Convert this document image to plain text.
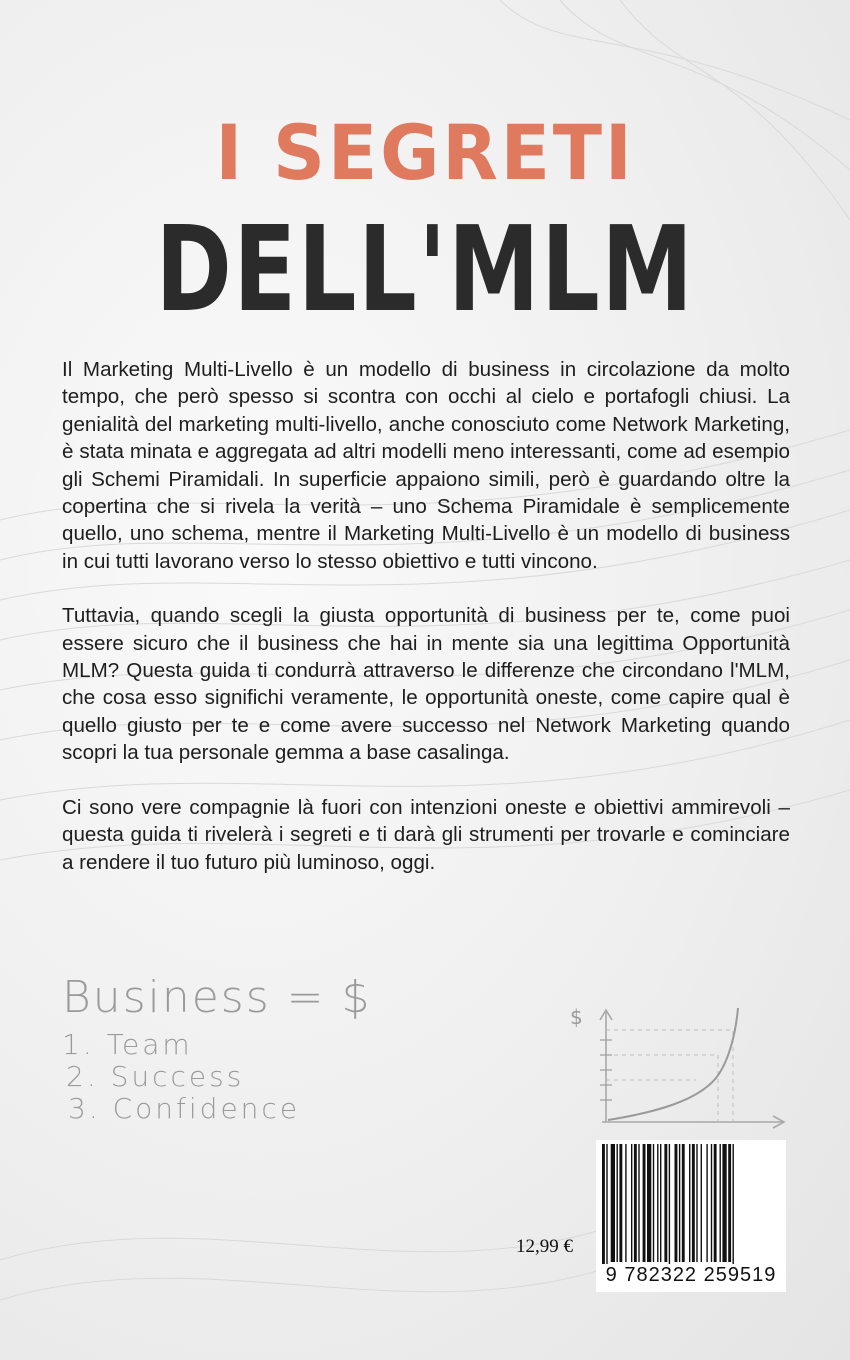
I SEGRETI
DELL'MLM

Il Marketing Multi-Livello è un modello di business in circolazione da molto tempo, che però spesso si scontra con occhi al cielo e portafogli chiusi. La genialità del marketing multi-livello, anche conosciuto come Network Marketing, è stata minata e aggregata ad altri modelli meno interessanti, come ad esempio gli Schemi Piramidali. In superficie appaiono simili, però è guardando oltre la copertina che si rivela la verità – uno Schema Piramidale è semplicemente quello, uno schema, mentre il Marketing Multi-Livello è un modello di business in cui tutti lavorano verso lo stesso obiettivo e tutti vincono.

Tuttavia, quando scegli la giusta opportunità di business per te, come puoi essere sicuro che il business che hai in mente sia una legittima Opportunità MLM? Questa guida ti condurrà attraverso le differenze che circondano l'MLM, che cosa esso significhi veramente, le opportunità oneste, come capire qual è quello giusto per te e come avere successo nel Network Marketing quando scopri la tua personale gemma a base casalinga.

Ci sono vere compagnie là fuori con intenzioni oneste e obiettivi ammirevoli – questa guida ti rivelerà i segreti e ti darà gli strumenti per trovarle e cominciare a rendere il tuo futuro più luminoso, oggi.

Business = $
1. Team
2. Success
3. Confidence
$
12,99 €
9 782322 259519
